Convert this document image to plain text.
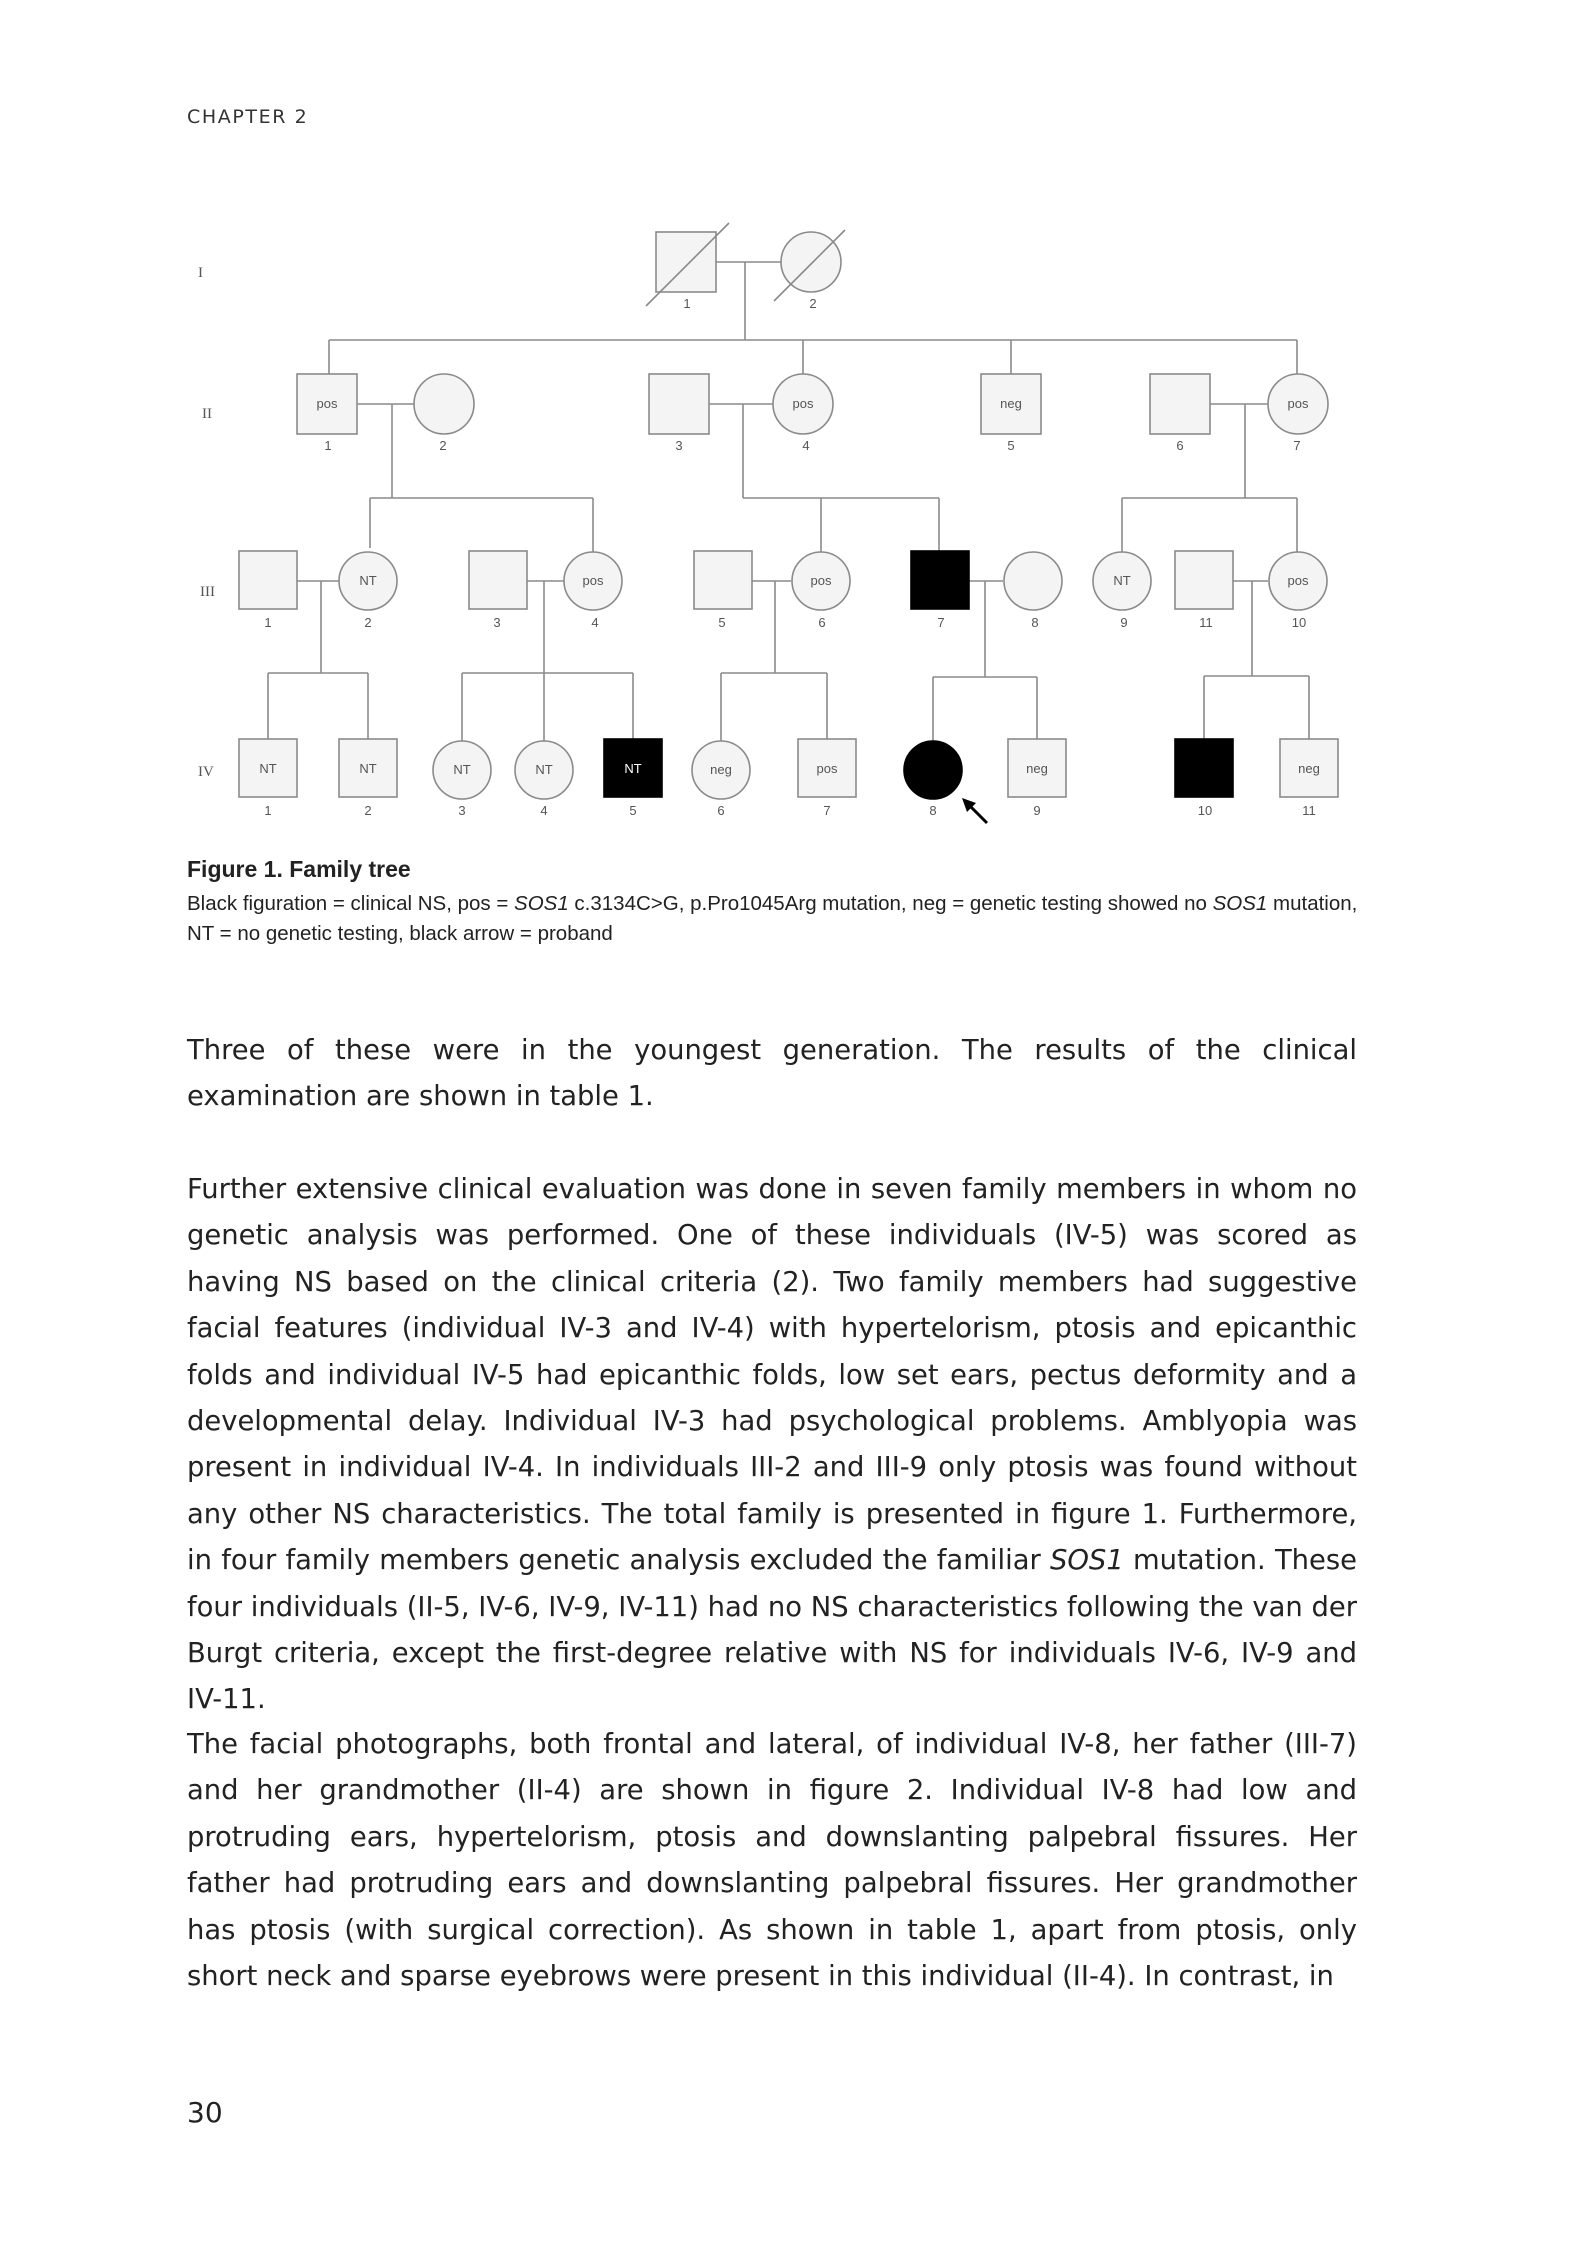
CHAPTER 2
I
II
III
IV
1	2
pos
1	2	3
pos
4
neg
5	6
pos
7
1
NT
2	3
pos
4	5
pos
6	7	8
NT
9	11
pos
10
NT
1
NT
2
NT
3
NT
4
NT
5
neg
6
pos
7	8
neg
9	10
neg
11
Figure 1. Family tree
Black figuration = clinical NS, pos = SOS1 c.3134C>G, p.Pro1045Arg mutation, neg = genetic testing showed no SOS1 mutation, NT = no genetic testing, black arrow = proband

Three of these were in the youngest generation. The results of the clinical examination are shown in table 1.

Further extensive clinical evaluation was done in seven family members in whom no genetic analysis was performed. One of these individuals (IV-5) was scored as having NS based on the clinical criteria (2). Two family members had suggestive facial features (individual IV-3 and IV-4) with hypertelorism, ptosis and epicanthic folds and individual IV-5 had epicanthic folds, low set ears, pectus deformity and a developmental delay. Individual IV-3 had psychological problems. Amblyopia was present in individual IV-4. In individuals III-2 and III-9 only ptosis was found without any other NS characteristics. The total family is presented in figure 1. Furthermore, in four family members genetic analysis excluded the familiar SOS1 mutation. These four individuals (II-5, IV-6, IV-9, IV-11) had no NS characteristics following the van der Burgt criteria, except the first-degree relative with NS for individuals IV-6, IV-9 and IV-11.

The facial photographs, both frontal and lateral, of individual IV-8, her father (III-7) and her grandmother (II-4) are shown in figure 2. Individual IV-8 had low and protruding ears, hypertelorism, ptosis and downslanting palpebral fissures. Her father had protruding ears and downslanting palpebral fissures. Her grandmother has ptosis (with surgical correction). As shown in table 1, apart from ptosis, only short neck and sparse eyebrows were present in this individual (II-4). In contrast, in

30
